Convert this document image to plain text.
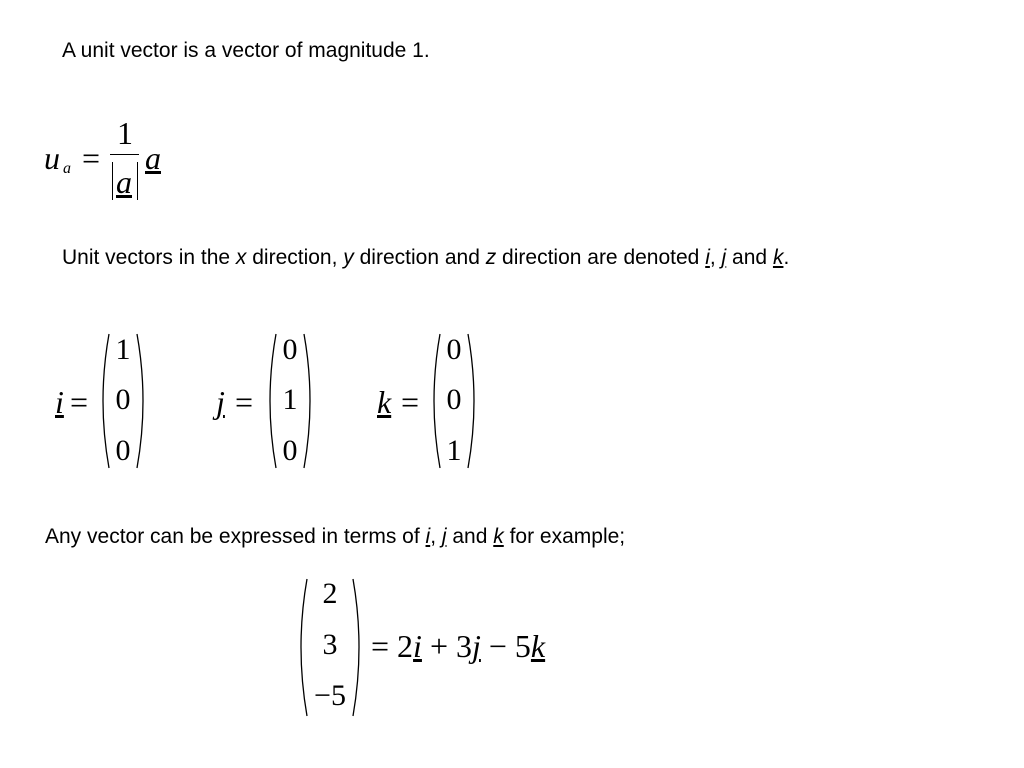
A unit vector is a vector of magnitude 1.
u a =
1
a
a
Unit vectors in the x direction, y direction and z direction are denoted i, j and k.
i =
1
0
0
j =
0
1
0
k =
0
0
1
Any vector can be expressed in terms of i, j and k for example;
2
3
−5
= 2i + 3j − 5k
